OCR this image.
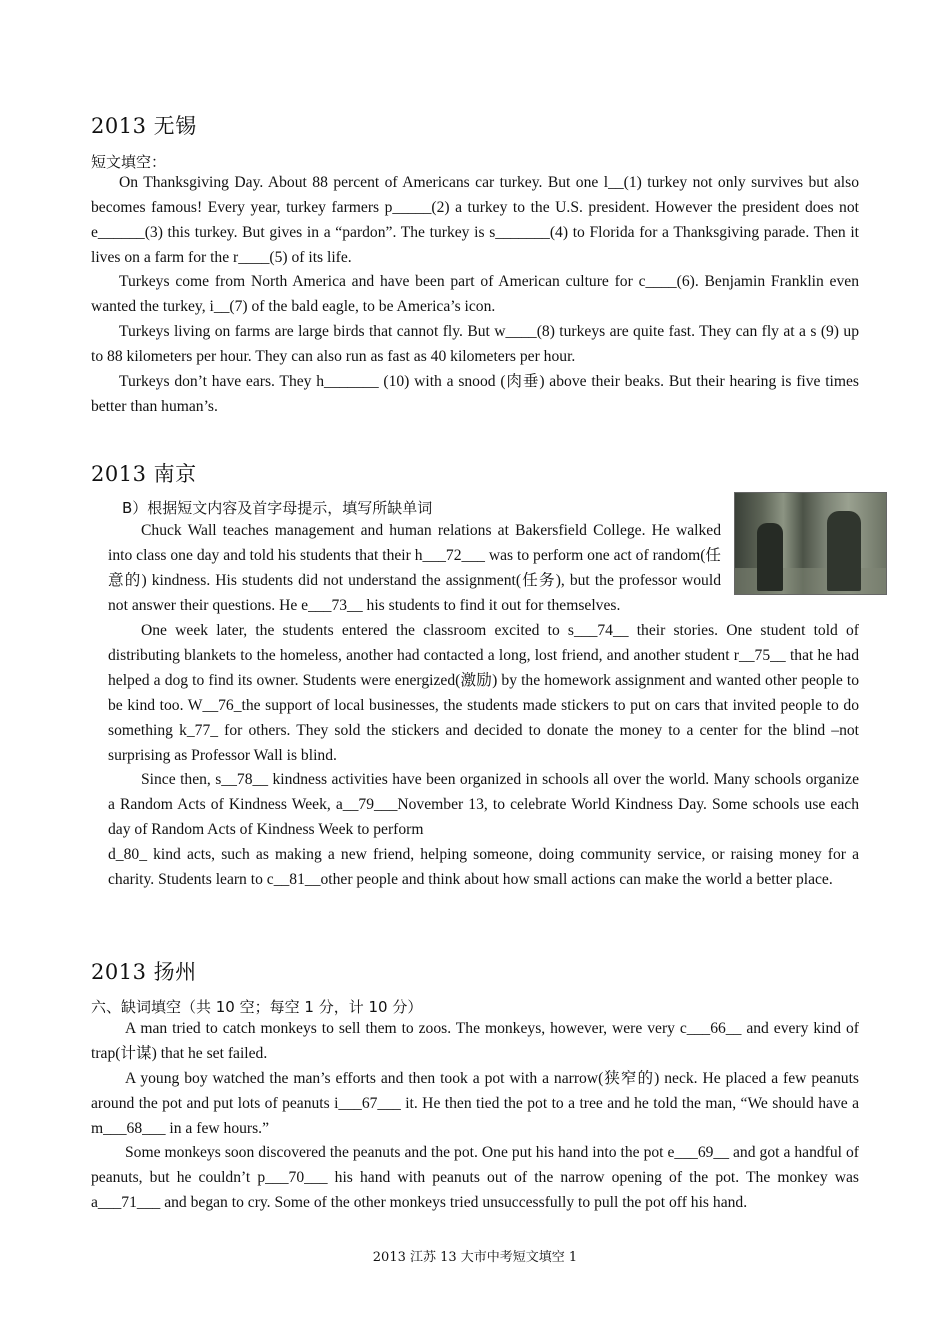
2013 无锡
短文填空：

On Thanksgiving Day. About 88 percent of Americans car turkey. But one l__(1) turkey not only survives but also becomes famous! Every year, turkey farmers p_____(2) a turkey to the U.S. president. However the president does not e______(3) this turkey. But gives in a “pardon”. The turkey is s_______(4) to Florida for a Thanksgiving parade. Then it lives on a farm for the r____(5) of its life.

Turkeys come from North America and have been part of American culture for c____(6). Benjamin Franklin even wanted the turkey, i__(7) of the bald eagle, to be America’s icon.

Turkeys living on farms are large birds that cannot fly. But w____(8) turkeys are quite fast. They can fly at a s (9) up to 88 kilometers per hour. They can also run as fast as 40 kilometers per hour.

Turkeys don’t have ears. They h_______ (10) with a snood (肉垂) above their beaks. But their hearing is five times better than human’s.

2013 南京
B）根据短文内容及首字母提示，填写所缺单词

Chuck Wall teaches management and human relations at Bakersfield College. He walked into class one day and told his students that their h___72___ was to perform one act of random(任意的) kindness. His students did not understand the assignment(任务), but the professor would not answer their questions. He e___73__ his students to find it out for themselves.

One week later, the students entered the classroom excited to s___74__ their stories. One student told of distributing blankets to the homeless, another had contacted a long, lost friend, and another student r__75__ that he had helped a dog to find its owner. Students were energized(激励) by the homework assignment and wanted other people to be kind too. W__76_the support of local businesses, the students made stickers to put on cars that invited people to do something k_77_ for others. They sold the stickers and decided to donate the money to a center for the blind –not surprising as Professor Wall is blind.

Since then, s__78__ kindness activities have been organized in schools all over the world. Many schools organize a Random Acts of Kindness Week, a__79___November 13, to celebrate World Kindness Day. Some schools use each day of Random Acts of Kindness Week to perform

d_80_ kind acts, such as making a new friend, helping someone, doing community service, or raising money for a charity. Students learn to c__81__other people and think about how small actions can make the world a better place.

2013 扬州
六、缺词填空（共 10 空；每空 1 分，计 10 分）

A man tried to catch monkeys to sell them to zoos. The monkeys, however, were very c___66__ and every kind of trap(计谋) that he set failed.

A young boy watched the man’s efforts and then took a pot with a narrow(狭窄的) neck. He placed a few peanuts around the pot and put lots of peanuts i___67___ it. He then tied the pot to a tree and he told the man, “We should have a m___68___ in a few hours.”

Some monkeys soon discovered the peanuts and the pot. One put his hand into the pot e___69__ and got a handful of peanuts, but he couldn’t p___70___ his hand with peanuts out of the narrow opening of the pot. The monkey was a___71___ and began to cry. Some of the other monkeys tried unsuccessfully to pull the pot off his hand.

2013 江苏 13 大市中考短文填空 1
